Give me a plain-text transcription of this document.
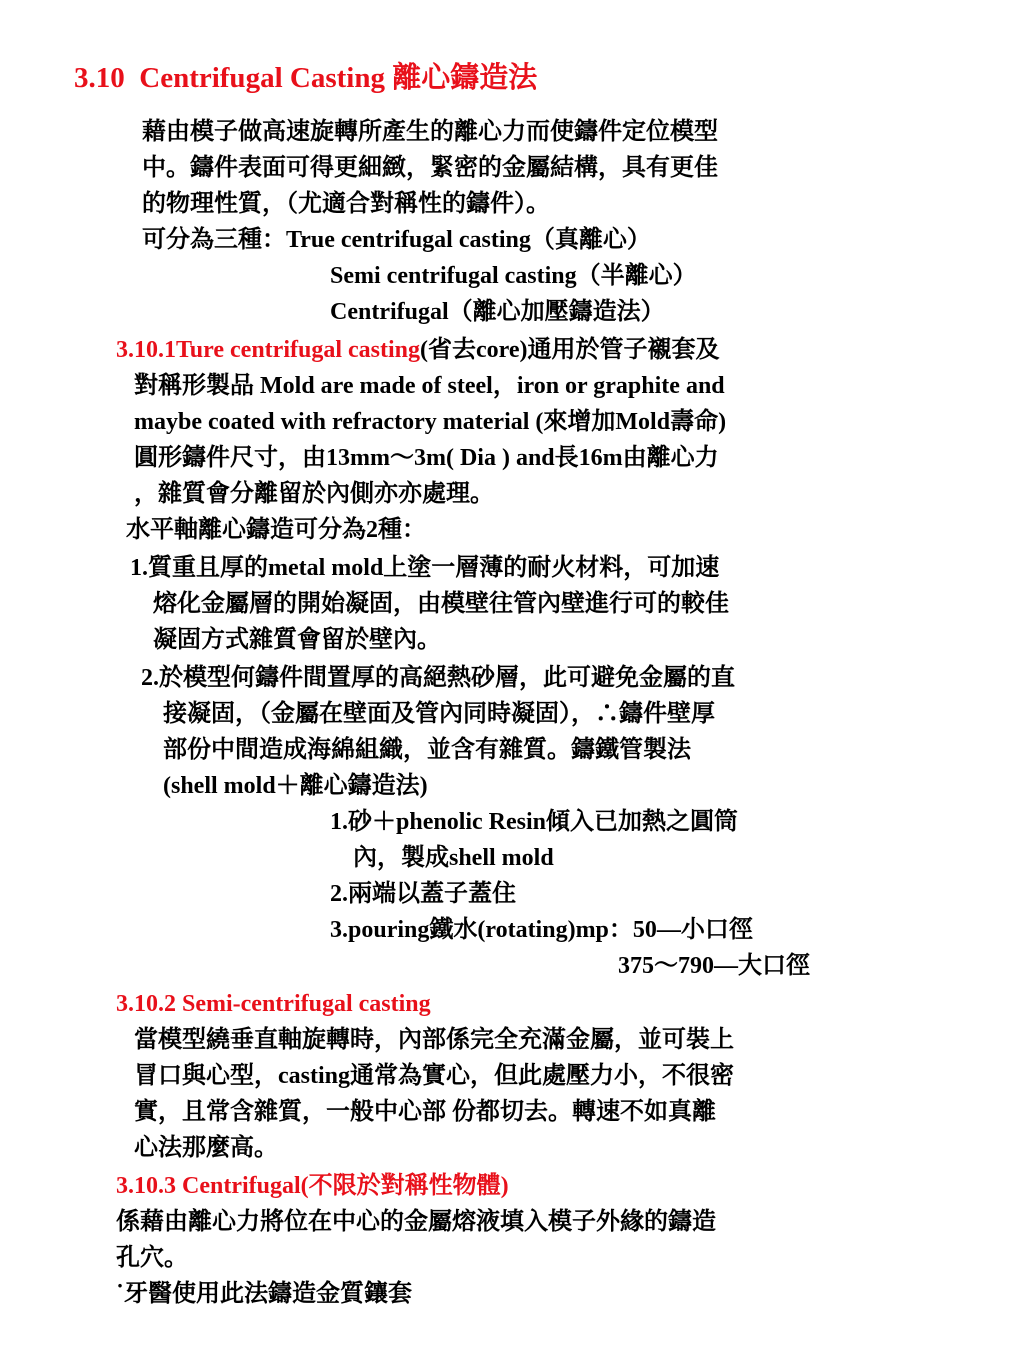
3.10 Centrifugal Casting 離心鑄造法
藉由模子做高速旋轉所產生的離心力而使鑄件定位模型
中。鑄件表面可得更細緻，緊密的金屬結構，具有更佳
的物理性質，（尤適合對稱性的鑄件）。
可分為三種：True centrifugal casting（真離心）
Semi centrifugal casting（半離心）
Centrifugal（離心加壓鑄造法）
3.10.1Ture centrifugal casting(省去core)通用於管子襯套及
對稱形製品 Mold are made of steel，iron or graphite and
maybe coated with refractory material (來增加Mold壽命)
圓形鑄件尺寸，由13mm～3m( Dia ) and長16m由離心力
，雜質會分離留於內側亦亦處理。
水平軸離心鑄造可分為2種：
1.質重且厚的metal mold上塗一層薄的耐火材料，可加速
熔化金屬層的開始凝固，由模壁往管內壁進行可的較佳
凝固方式雜質會留於壁內。
2.於模型何鑄件間置厚的高絕熱砂層，此可避免金屬的直
接凝固，（金屬在壁面及管內同時凝固），∴鑄件壁厚
部份中間造成海綿組織，並含有雜質。鑄鐵管製法
(shell mold＋離心鑄造法)
1.砂＋phenolic Resin傾入已加熱之圓筒
內，製成shell mold
2.兩端以蓋子蓋住
3.pouring鐵水(rotating)mp：50—小口徑
375～790—大口徑
3.10.2 Semi-centrifugal casting
當模型繞垂直軸旋轉時，內部係完全充滿金屬，並可裝上
冒口與心型，casting通常為實心，但此處壓力小，不很密
實，且常含雜質，一般中心部 份都切去。轉速不如真離
心法那麼高。
3.10.3 Centrifugal(不限於對稱性物體)
係藉由離心力將位在中心的金屬熔液填入模子外緣的鑄造
孔穴。
˙牙醫使用此法鑄造金質鑲套
